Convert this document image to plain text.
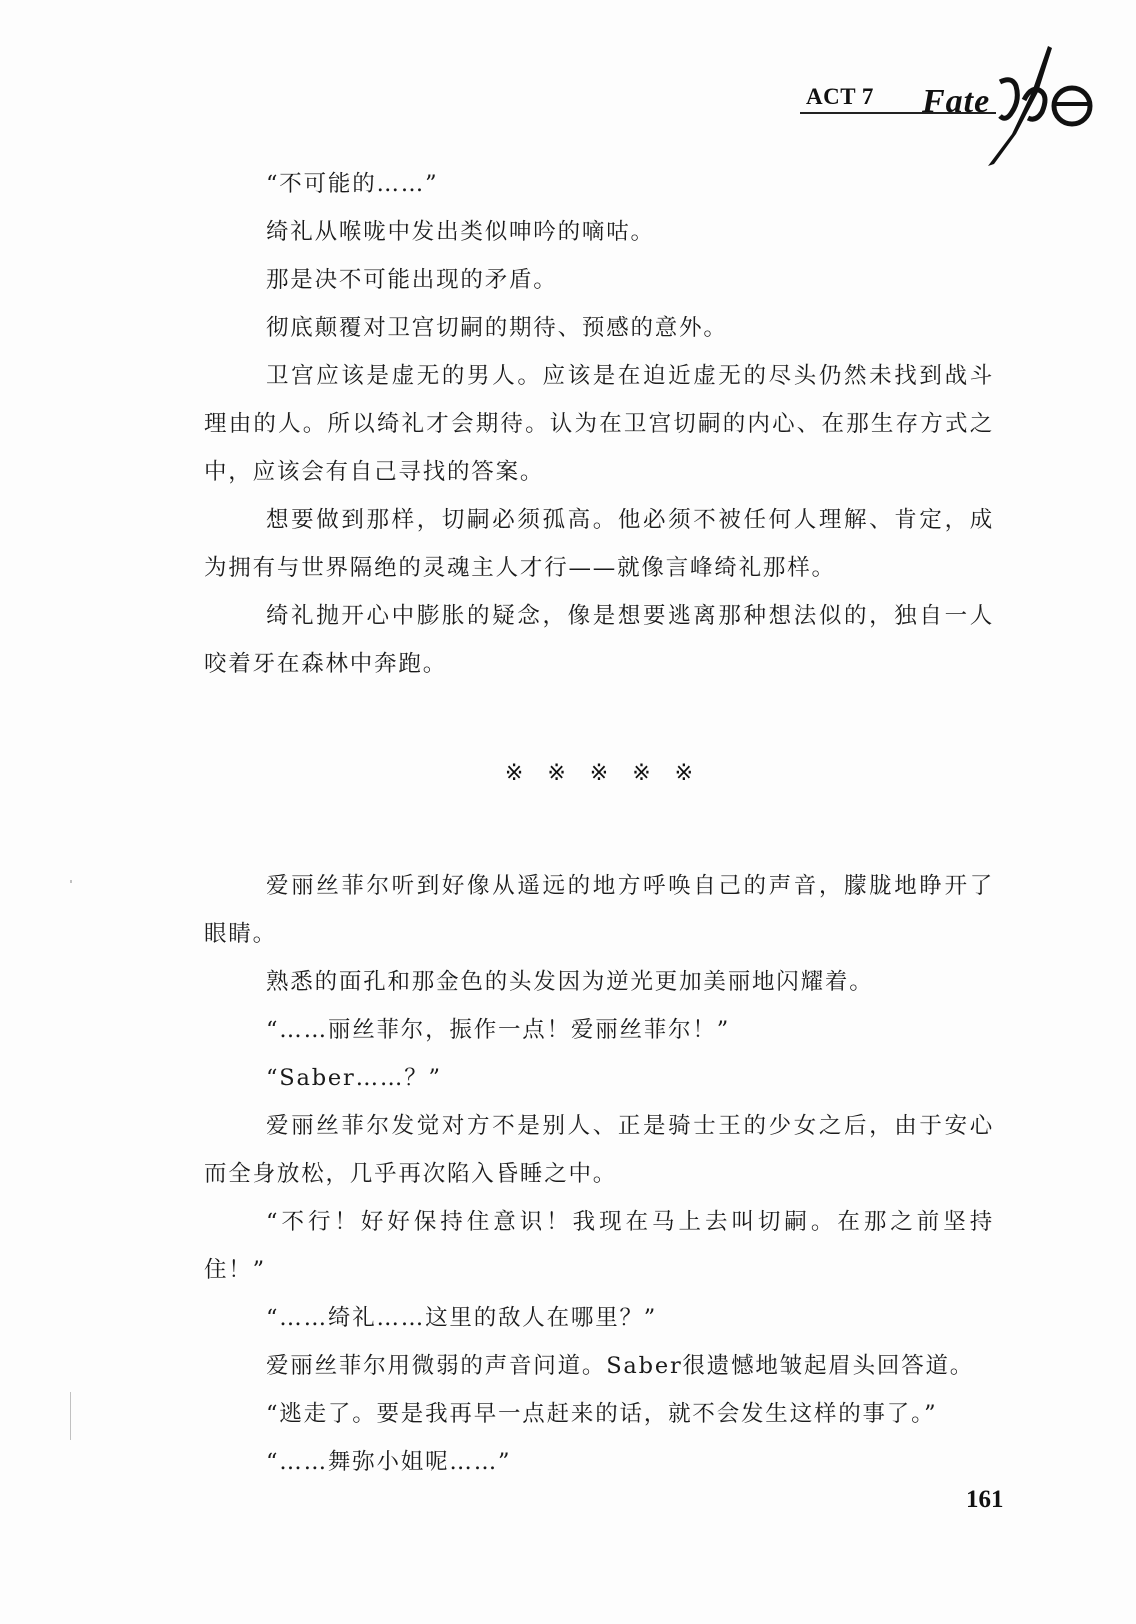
ACT 7 Fate

“不可能的……”

绮礼从喉咙中发出类似呻吟的嘀咕。

那是决不可能出现的矛盾。

彻底颠覆对卫宫切嗣的期待、预感的意外。

卫宫应该是虚无的男人。应该是在迫近虚无的尽头仍然未找到战斗理由的人。所以绮礼才会期待。认为在卫宫切嗣的内心、在那生存方式之中，应该会有自己寻找的答案。

想要做到那样，切嗣必须孤高。他必须不被任何人理解、肯定，成为拥有与世界隔绝的灵魂主人才行——就像言峰绮礼那样。

绮礼抛开心中膨胀的疑念，像是想要逃离那种想法似的，独自一人咬着牙在森林中奔跑。

※※※※※

爱丽丝菲尔听到好像从遥远的地方呼唤自己的声音，朦胧地睁开了眼睛。

熟悉的面孔和那金色的头发因为逆光更加美丽地闪耀着。

“……丽丝菲尔，振作一点！爱丽丝菲尔！”

“Saber……？”

爱丽丝菲尔发觉对方不是别人、正是骑士王的少女之后，由于安心而全身放松，几乎再次陷入昏睡之中。

“不行！好好保持住意识！我现在马上去叫切嗣。在那之前坚持住！”

“……绮礼……这里的敌人在哪里？”

爱丽丝菲尔用微弱的声音问道。Saber很遗憾地皱起眉头回答道。

“逃走了。要是我再早一点赶来的话，就不会发生这样的事了。”

“……舞弥小姐呢……”

161
